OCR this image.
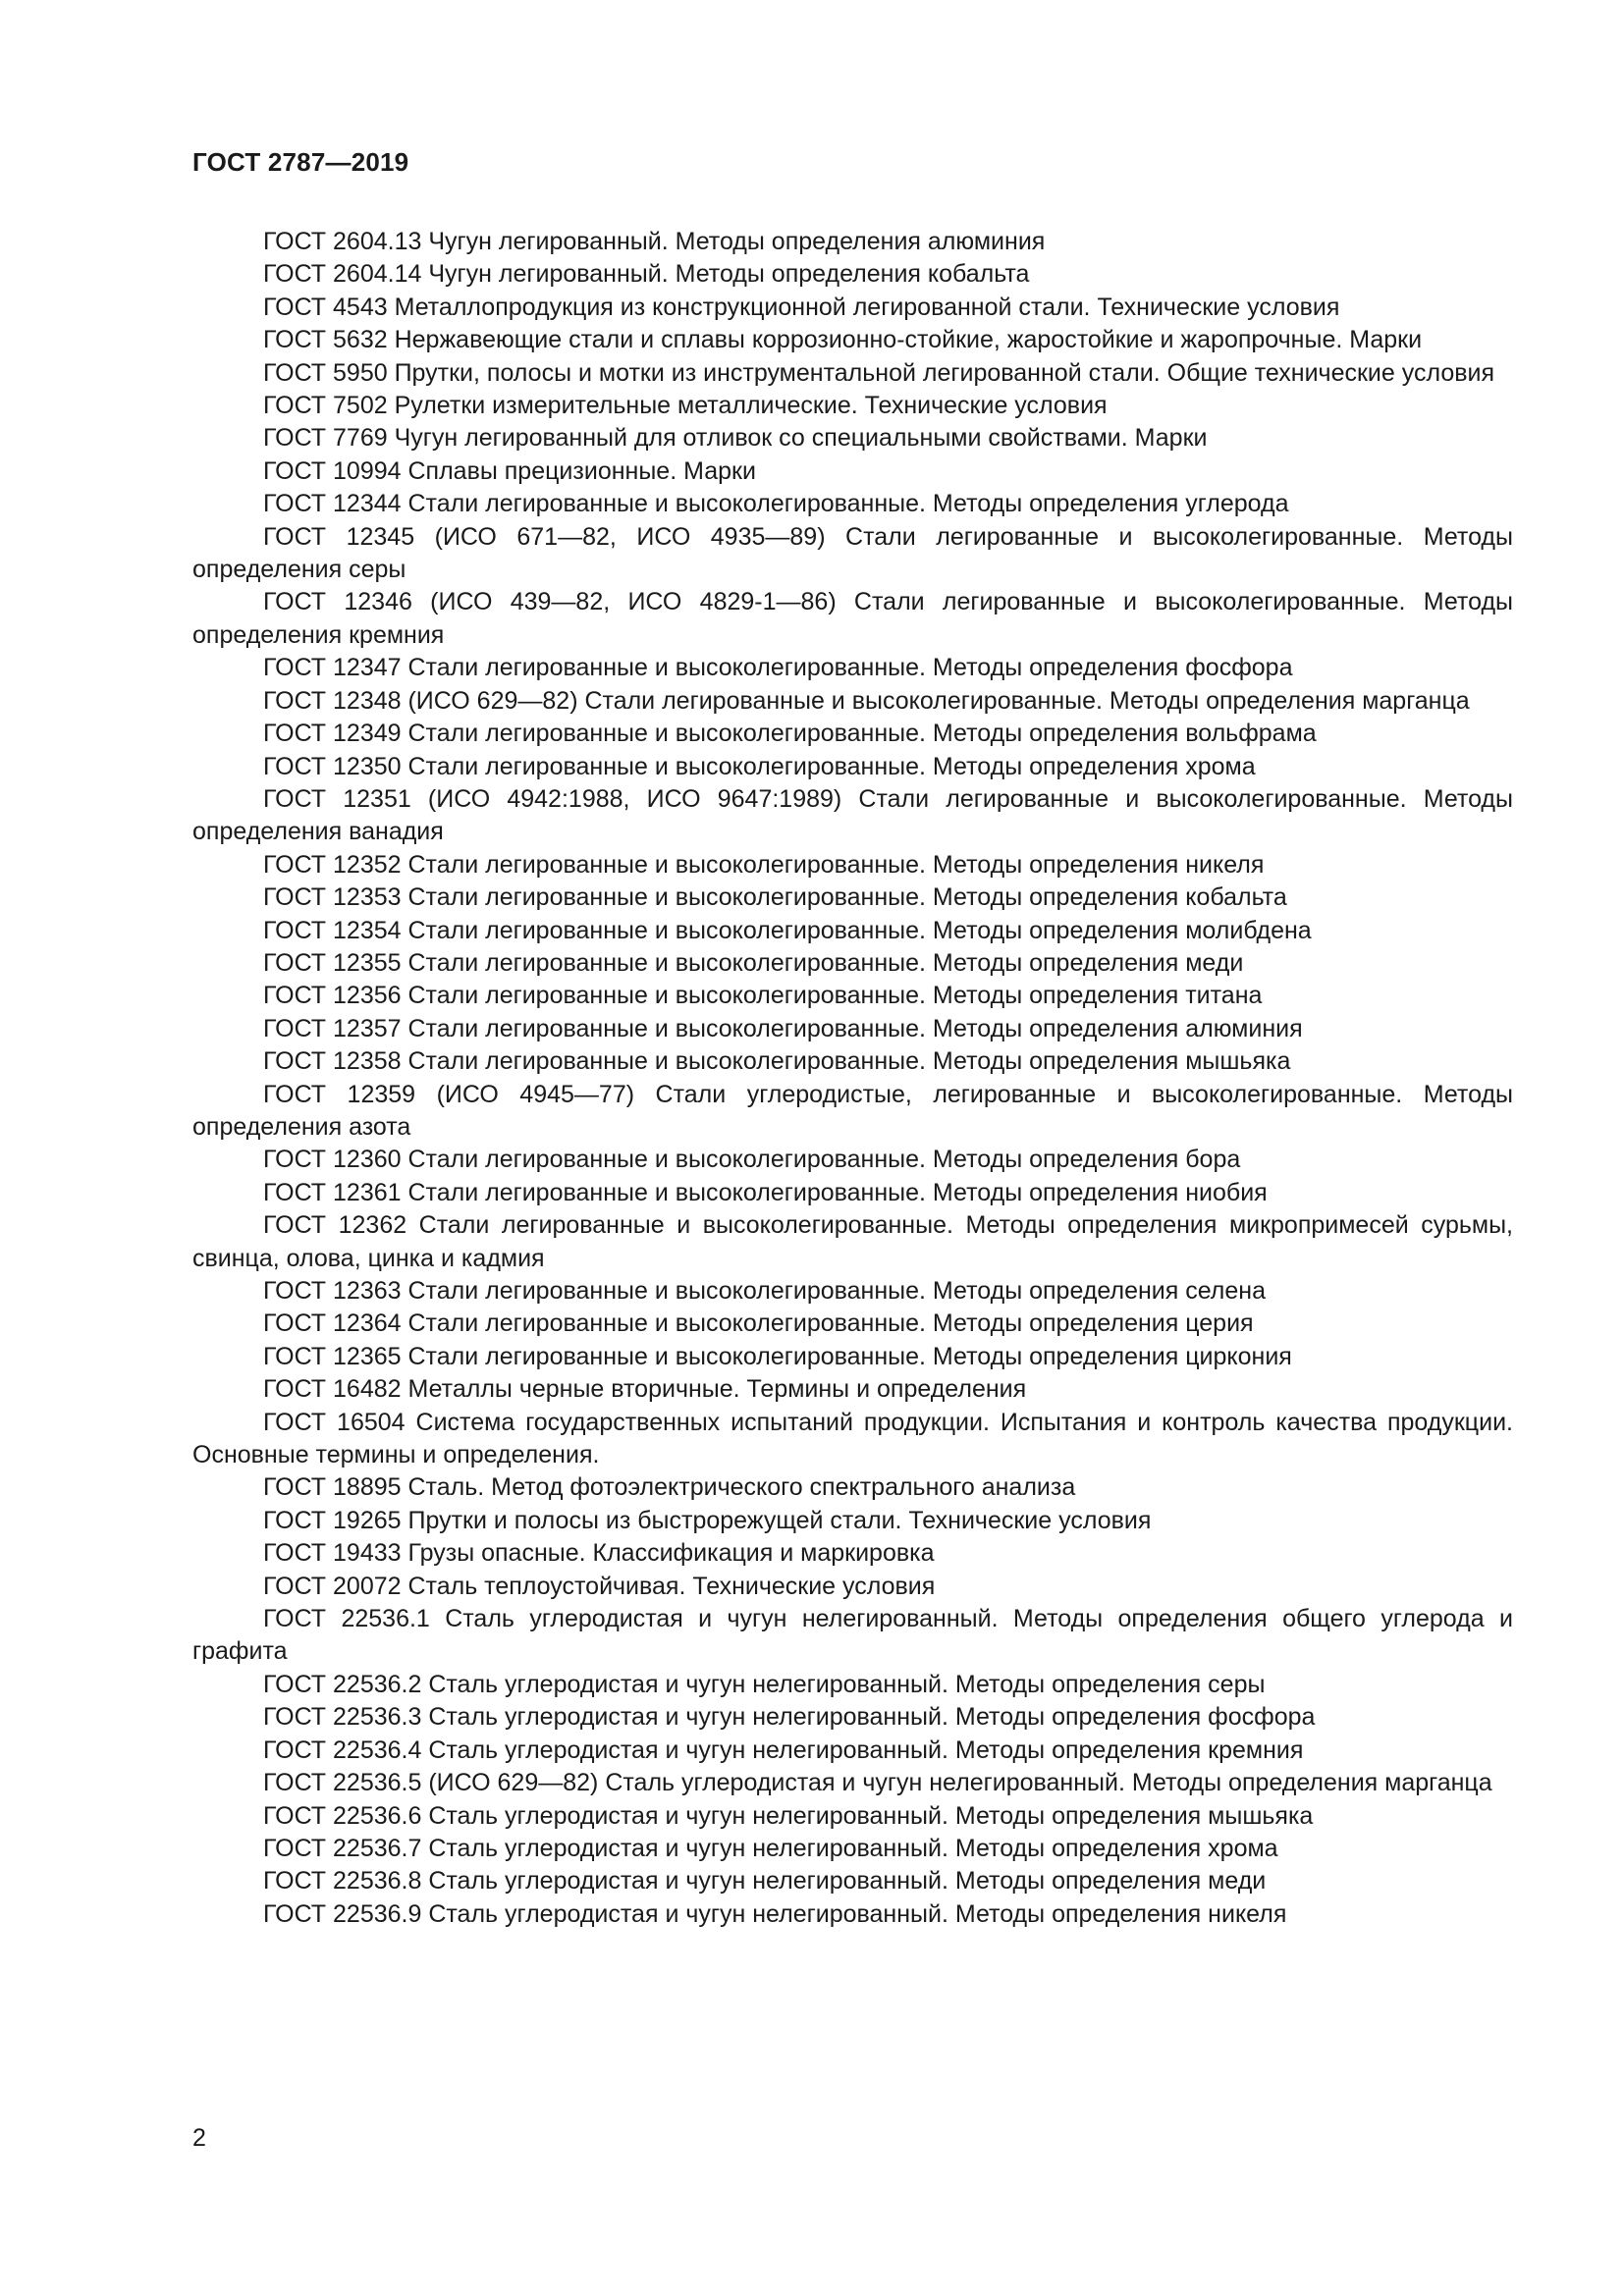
ГОСТ 2787—2019
ГОСТ 2604.13 Чугун легированный. Методы определения алюминия
ГОСТ 2604.14 Чугун легированный. Методы определения кобальта
ГОСТ 4543 Металлопродукция из конструкционной легированной стали. Технические условия
ГОСТ 5632 Нержавеющие стали и сплавы коррозионно-стойкие, жаростойкие и жаропрочные. Марки
ГОСТ 5950 Прутки, полосы и мотки из инструментальной легированной стали. Общие технические условия
ГОСТ 7502 Рулетки измерительные металлические. Технические условия
ГОСТ 7769 Чугун легированный для отливок со специальными свойствами. Марки
ГОСТ 10994 Сплавы прецизионные. Марки
ГОСТ 12344 Стали легированные и высоколегированные. Методы определения углерода
ГОСТ 12345 (ИСО 671—82, ИСО 4935—89) Стали легированные и высоколегированные. Методы определения серы
ГОСТ 12346 (ИСО 439—82, ИСО 4829-1—86) Стали легированные и высоколегированные. Методы определения кремния
ГОСТ 12347 Стали легированные и высоколегированные. Методы определения фосфора
ГОСТ 12348 (ИСО 629—82) Стали легированные и высоколегированные. Методы определения марганца
ГОСТ 12349 Стали легированные и высоколегированные. Методы определения вольфрама
ГОСТ 12350 Стали легированные и высоколегированные. Методы определения хрома
ГОСТ 12351 (ИСО 4942:1988, ИСО 9647:1989) Стали легированные и высоколегированные. Методы определения ванадия
ГОСТ 12352 Стали легированные и высоколегированные. Методы определения никеля
ГОСТ 12353 Стали легированные и высоколегированные. Методы определения кобальта
ГОСТ 12354 Стали легированные и высоколегированные. Методы определения молибдена
ГОСТ 12355 Стали легированные и высоколегированные. Методы определения меди
ГОСТ 12356 Стали легированные и высоколегированные. Методы определения титана
ГОСТ 12357 Стали легированные и высоколегированные. Методы определения алюминия
ГОСТ 12358 Стали легированные и высоколегированные. Методы определения мышьяка
ГОСТ 12359 (ИСО 4945—77) Стали углеродистые, легированные и высоколегированные. Методы определения азота
ГОСТ 12360 Стали легированные и высоколегированные. Методы определения бора
ГОСТ 12361 Стали легированные и высоколегированные. Методы определения ниобия
ГОСТ 12362 Стали легированные и высоколегированные. Методы определения микропримесей сурьмы, свинца, олова, цинка и кадмия
ГОСТ 12363 Стали легированные и высоколегированные. Методы определения селена
ГОСТ 12364 Стали легированные и высоколегированные. Методы определения церия
ГОСТ 12365 Стали легированные и высоколегированные. Методы определения циркония
ГОСТ 16482 Металлы черные вторичные. Термины и определения
ГОСТ 16504 Система государственных испытаний продукции. Испытания и контроль качества продукции. Основные термины и определения.
ГОСТ 18895 Сталь. Метод фотоэлектрического спектрального анализа
ГОСТ 19265 Прутки и полосы из быстрорежущей стали. Технические условия
ГОСТ 19433 Грузы опасные. Классификация и маркировка
ГОСТ 20072 Сталь теплоустойчивая. Технические условия
ГОСТ 22536.1 Сталь углеродистая и чугун нелегированный. Методы определения общего углерода и графита
ГОСТ 22536.2 Сталь углеродистая и чугун нелегированный. Методы определения серы
ГОСТ 22536.3 Сталь углеродистая и чугун нелегированный. Методы определения фосфора
ГОСТ 22536.4 Сталь углеродистая и чугун нелегированный. Методы определения кремния
ГОСТ 22536.5 (ИСО 629—82) Сталь углеродистая и чугун нелегированный. Методы определения марганца
ГОСТ 22536.6 Сталь углеродистая и чугун нелегированный. Методы определения мышьяка
ГОСТ 22536.7 Сталь углеродистая и чугун нелегированный. Методы определения хрома
ГОСТ 22536.8 Сталь углеродистая и чугун нелегированный. Методы определения меди
ГОСТ 22536.9 Сталь углеродистая и чугун нелегированный. Методы определения никеля
2
